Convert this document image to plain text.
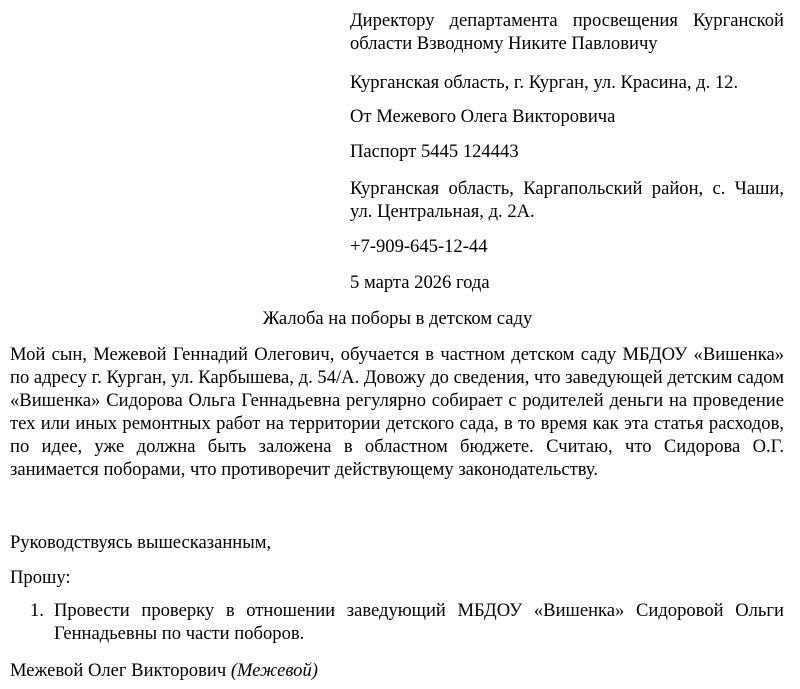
Директору департамента просвещения Курганской области Взводному Никите Павловичу

Курганская область, г. Курган, ул. Красина, д. 12.

От Межевого Олега Викторовича

Паспорт 5445 124443

Курганская область, Каргапольский район, с. Чаши, ул. Центральная, д. 2А.

+7-909-645-12-44

5 марта 2026 года

Жалоба на поборы в детском саду

Мой сын, Межевой Геннадий Олегович, обучается в частном детском саду МБДОУ «Вишенка» по адресу г. Курган, ул. Карбышева, д. 54/А. Довожу до сведения, что заведующей детским садом «Вишенка» Сидорова Ольга Геннадьевна регулярно собирает с родителей деньги на проведение тех или иных ремонтных работ на территории детского сада, в то время как эта статья расходов, по идее, уже должна быть заложена в областном бюджете. Считаю, что Сидорова О.Г. занимается поборами, что противоречит действующему законодательству.

Руководствуясь вышесказанным,

Прошу:

1. Провести проверку в отношении заведующий МБДОУ «Вишенка» Сидоровой Ольги Геннадьевны по части поборов.

Межевой Олег Викторович (Межевой)
